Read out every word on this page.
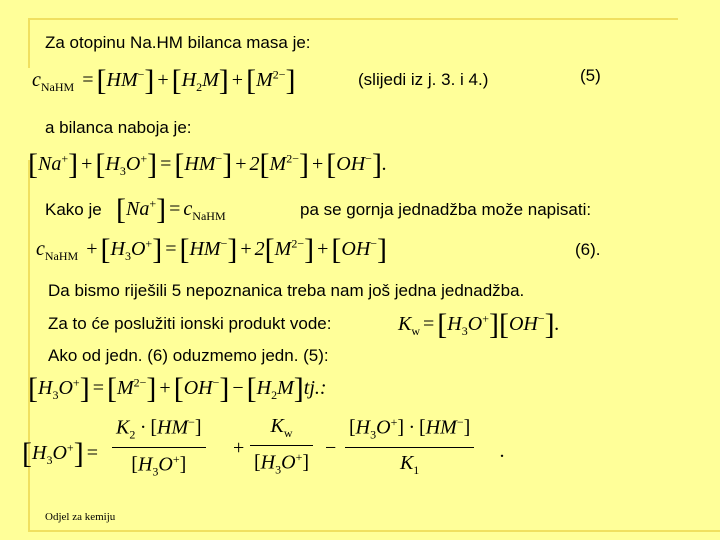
Za otopinu Na.HM bilanca masa je:
$c_{NaHM} = [HM^-] + [H_2M] + [M^{2-}]$	(slijedi iz j. 3. i 4.)	(5)
a bilanca naboja je:
$[Na^+] + [H_3O^+] = [HM^-] + 2[M^{2-}] + [OH^-]$.
Kako je $[Na^+] = c_{NaHM}$	pa se gornja jednadžba može napisati:
$c_{NaHM} + [H_3O^+] = [HM^-] + 2[M^{2-}] + [OH^-]$	(6).
Da bismo riješili 5 nepoznanica treba nam još jedna jednadžba.
Za to će poslužiti ionski produkt vode:	$K_w = [H_3O^+][OH^-]$.
Ako od jedn. (6) oduzmemo jedn. (5):
$[H_3O^+] = [M^{2-}] + [OH^-] - [H_2M]tj$.:
$[H_3O^+]$ =
$K_2 \cdot [HM^-]$
$[H_3O^+]$
+
$K_w$
$[H_3O^+]$
−
$[H_3O^+] \cdot [HM^-]$
$K_1$
.
Odjel za kemiju
